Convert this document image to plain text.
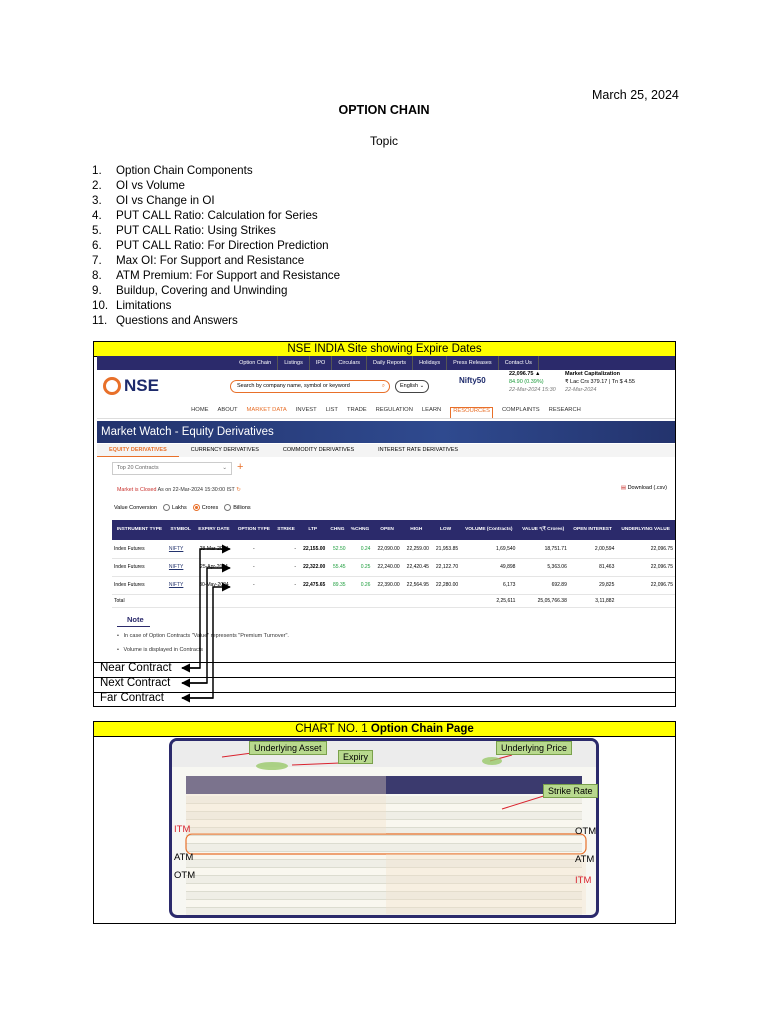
March 25, 2024
OPTION CHAIN
Topic
1.	Option Chain Components
2.	OI vs Volume
3.	OI vs Change in OI
4.	PUT CALL Ratio: Calculation for Series
5.	PUT CALL Ratio: Using Strikes
6.	PUT CALL Ratio: For Direction Prediction
7.	Max OI: For Support and Resistance
8.	ATM Premium: For Support and Resistance
9.	Buildup, Covering and Unwinding
10. Limitations
11. Questions and Answers
NSE INDIA Site showing Expire Dates
Near Contract
Next Contract
Far Contract
Option Chain	Listings	IPO	Circulars	Daily Reports	Holidays	Press Releases	Contact Us
NSE	Search by company name, symbol or keyword	⌕	English ⌄
Nifty50
22,096.75 ▲
84.90 (0.39%)
22-Mar-2024 15:30
Market Capitalization
₹ Lac Crs 379.17 | Tn $ 4.55
22-Mar-2024
HOME ABOUT MARKET DATA INVEST LIST TRADE REGULATION LEARN	RESOURCES	COMPLAINTS RESEARCH
Market Watch - Equity Derivatives
EQUITY DERIVATIVES	CURRENCY DERIVATIVES	COMMODITY DERIVATIVES	INTEREST RATE DERIVATIVES
Top 20 Contracts	⌄ +
Market is Closed As on 22-Mar-2024 15:30:00 IST ↻	▤ Download (.csv)
Value Conversion	Lakhs	Crores	Billions
INSTRUMENT TYPE	SYMBOL	EXPIRY DATE	OPTION TYPE	STRIKE	LTP	CHNG	%CHNG	OPEN	HIGH	LOW	VOLUME (Contracts)	VALUE *(₹ Crores)	OPEN INTEREST	UNDERLYING VALUE
Index Futures	NIFTY	28-Mar-2024	-	-	22,155.00	52.50	0.24	22,090.00	22,259.00	21,953.85	1,69,540	18,751.71	2,00,594	22,096.75
Index Futures	NIFTY	25-Apr-2024	-	-	22,322.00	55.45	0.25	22,240.00	22,420.45	22,122.70	49,898	5,363.06	81,463	22,096.75
Index Futures	NIFTY	30-May-2024	-	-	22,475.65	89.35	0.26	22,390.00	22,564.95	22,280.00	6,173	692.89	29,825	22,096.75
Total											2,25,611	25,05,766.38	3,11,882	
Note
•   In case of Option Contracts "Value" represents "Premium Turnover".
•   Volume is displayed in Contracts
CHART NO. 1 Option Chain Page
Underlying Asset
Expiry
Underlying Price
Strike Rate
ITM
ATM
OTM
OTM
ATM
ITM
